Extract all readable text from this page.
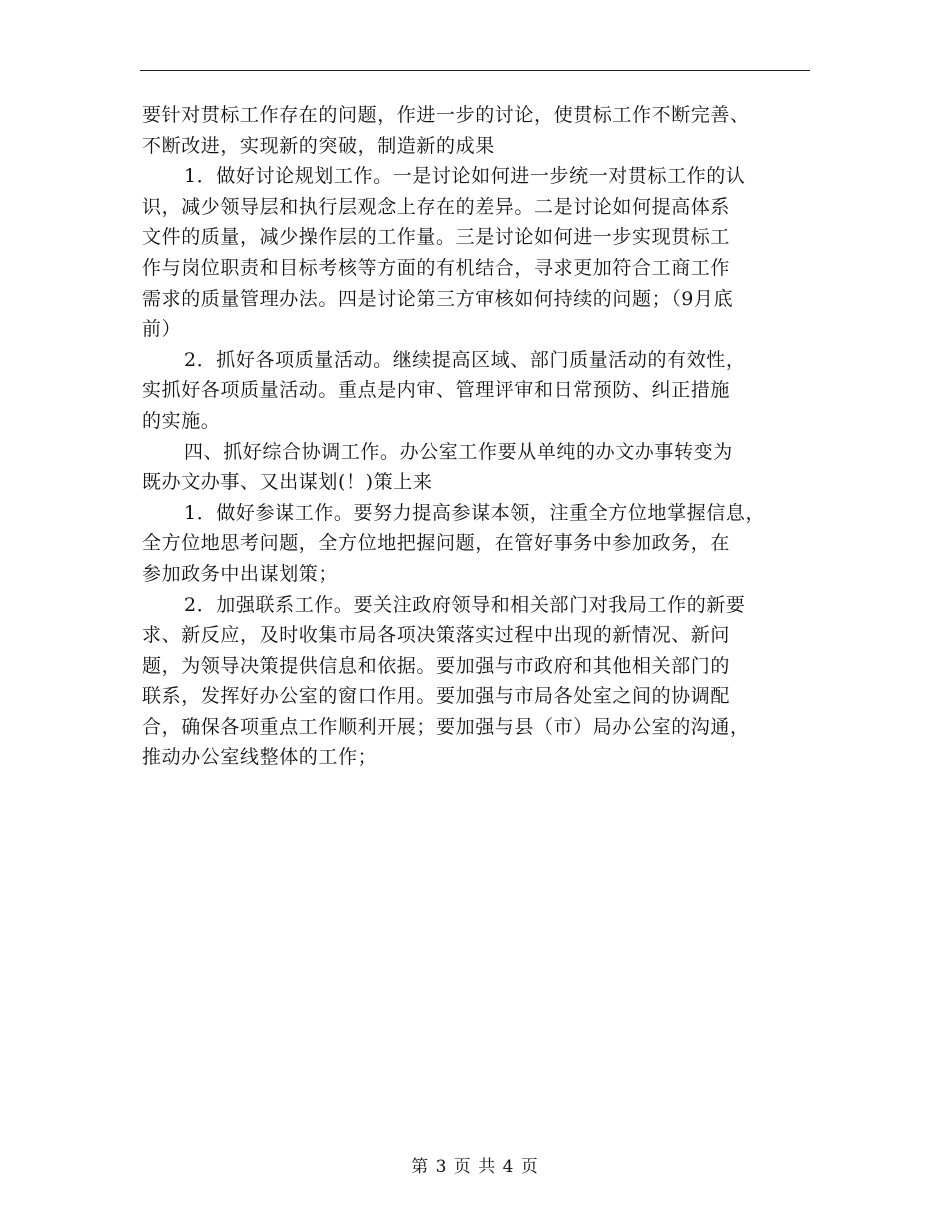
要针对贯标工作存在的问题，作进一步的讨论，使贯标工作不断完善、
不断改进，实现新的突破，制造新的成果
1．做好讨论规划工作。一是讨论如何进一步统一对贯标工作的认
识，减少领导层和执行层观念上存在的差异。二是讨论如何提高体系
文件的质量，减少操作层的工作量。三是讨论如何进一步实现贯标工
作与岗位职责和目标考核等方面的有机结合，寻求更加符合工商工作
需求的质量管理办法。四是讨论第三方审核如何持续的问题；（9月底
前）
2．抓好各项质量活动。继续提高区域、部门质量活动的有效性，
实抓好各项质量活动。重点是内审、管理评审和日常预防、纠正措施
的实施。
四、抓好综合协调工作。办公室工作要从单纯的办文办事转变为
既办文办事、又出谋划(！)策上来
1．做好参谋工作。要努力提高参谋本领，注重全方位地掌握信息，
全方位地思考问题，全方位地把握问题，在管好事务中参加政务，在
参加政务中出谋划策；
2．加强联系工作。要关注政府领导和相关部门对我局工作的新要
求、新反应，及时收集市局各项决策落实过程中出现的新情况、新问
题，为领导决策提供信息和依据。要加强与市政府和其他相关部门的
联系，发挥好办公室的窗口作用。要加强与市局各处室之间的协调配
合，确保各项重点工作顺利开展；要加强与县（市）局办公室的沟通，
推动办公室线整体的工作；
第 3 页 共 4 页
